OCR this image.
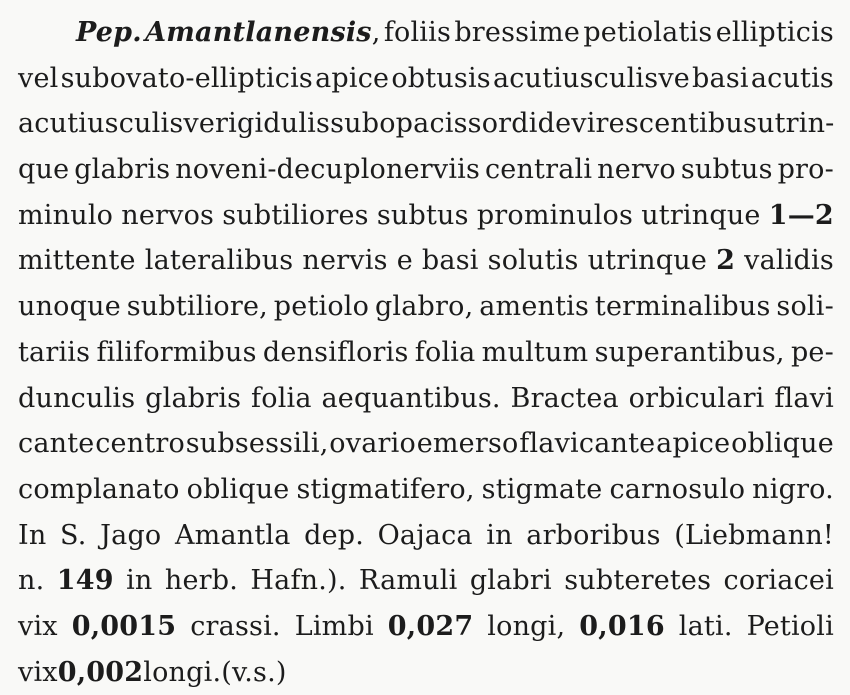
Pep. Amantlanensis, foliis bressime petiolatis ellipticis
vel subovato-ellipticis apice obtusis acutiusculisve basi acutis
acutiusculisve rigidulis subopacis sordide virescentibus utrin-
que glabris noveni-decuplonerviis centrali nervo subtus pro-
minulo nervos subtiliores subtus prominulos utrinque 1—2
mittente lateralibus nervis e basi solutis utrinque 2 validis
unoque subtiliore, petiolo glabro, amentis terminalibus soli-
tariis filiformibus densifloris folia multum superantibus, pe-
dunculis glabris folia aequantibus. Bractea orbiculari flavi
cante centro subsessili, ovario emerso flavicante apice oblique
complanato oblique stigmatifero, stigmate carnosulo nigro.
In S. Jago Amantla dep. Oajaca in arboribus (Liebmann!
n. 149 in herb. Hafn.). Ramuli glabri subteretes coriacei
vix 0,0015 crassi. Limbi 0,027 longi, 0,016 lati. Petioli
vix 0,002 longi. (v. s.)
